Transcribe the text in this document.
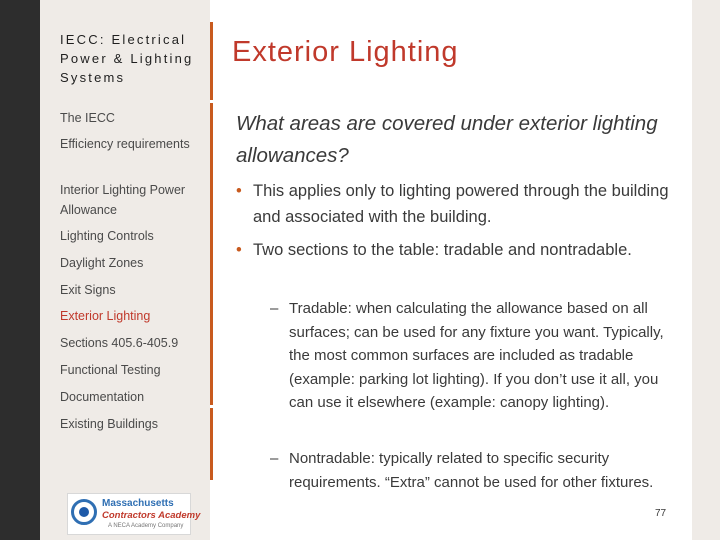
IECC: Electrical Power & Lighting Systems
The IECC
Efficiency requirements
Interior Lighting Power Allowance
Lighting Controls
Daylight Zones
Exit Signs
Exterior Lighting
Sections 405.6-405.9
Functional Testing
Documentation
Existing Buildings
Massachusetts
Contractors Academy
A NECA Academy Company
Exterior Lighting
What areas are covered under exterior lighting allowances?
• This applies only to lighting powered through the building and associated with the building.
• Two sections to the table: tradable and nontradable.
– Tradable: when calculating the allowance based on all surfaces; can be used for any fixture you want. Typically, the most common surfaces are included as tradable (example: parking lot lighting). If you don’t use it all, you can use it elsewhere (example: canopy lighting).
– Nontradable: typically related to specific security requirements. “Extra” cannot be used for other fixtures.
77
